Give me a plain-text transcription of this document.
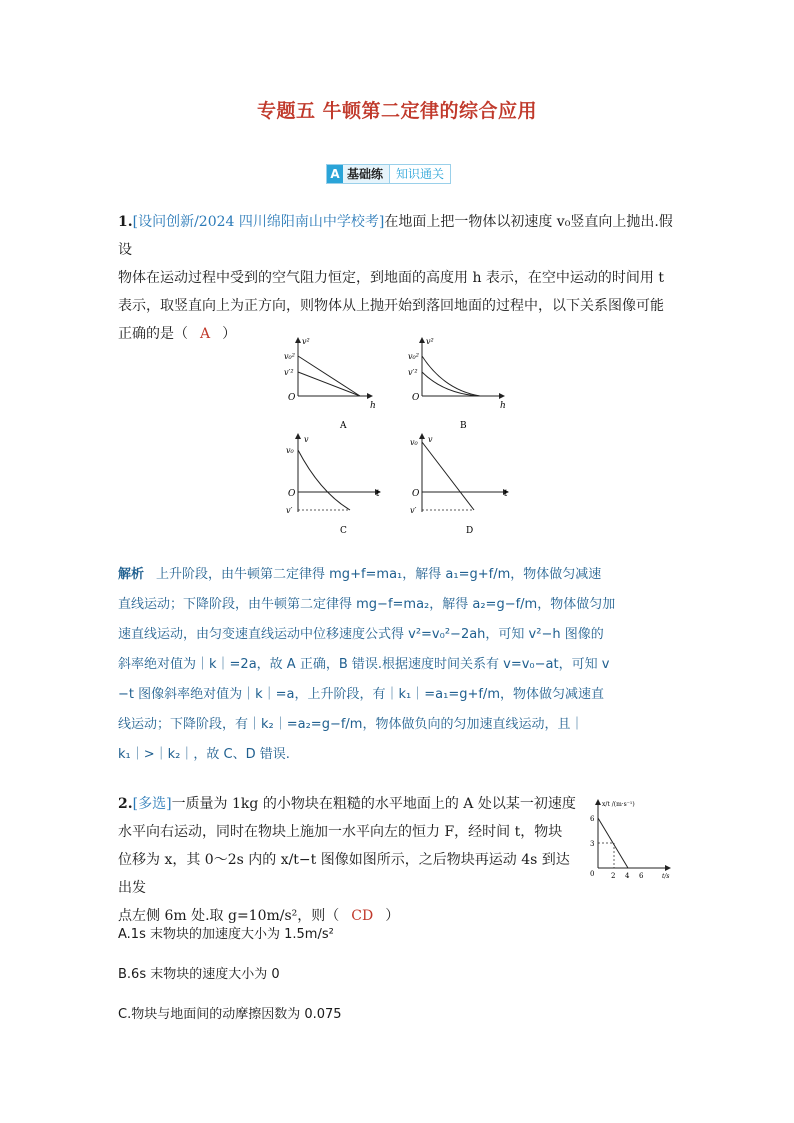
专题五 牛顿第二定律的综合应用
A 基础练	知识通关
1.[设问创新/2024 四川绵阳南山中学校考]在地面上把一物体以初速度 v₀竖直向上抛出.假设
物体在运动过程中受到的空气阻力恒定，到地面的高度用 h 表示，在空中运动的时间用 t
表示，取竖直向上为正方向，则物体从上抛开始到落回地面的过程中，以下关系图像可能
正确的是（ A ）	v²
h
v₀²
v′²
O
A
v²
h
v₀²
v′²
O
B
v
t
v₀
v′
O
C
v
t
v₀
v′
O
D
解析 上升阶段，由牛顿第二定律得 mg+f=ma₁，解得 a₁=g+f/m，物体做匀减速
直线运动；下降阶段，由牛顿第二定律得 mg−f=ma₂，解得 a₂=g−f/m，物体做匀加
速直线运动，由匀变速直线运动中位移速度公式得 v²=v₀²−2ah，可知 v²−h 图像的
斜率绝对值为｜k｜=2a，故 A 正确，B 错误.根据速度时间关系有 v=v₀−at，可知 v
−t 图像斜率绝对值为｜k｜=a，上升阶段，有｜k₁｜=a₁=g+f/m，物体做匀减速直
线运动；下降阶段，有｜k₂｜=a₂=g−f/m，物体做负向的匀加速直线运动，且｜
k₁｜>｜k₂｜，故 C、D 错误.
2.[多选]一质量为 1kg 的小物块在粗糙的水平地面上的 A 处以某一初速度
水平向右运动，同时在物块上施加一水平向左的恒力 F，经时间 t，物块
位移为 x，其 0～2s 内的 x/t−t 图像如图所示，之后物块再运动 4s 到达出发
点左侧 6m 处.取 g=10m/s²，则（ CD ）
x/t /(m·s⁻¹)
t/s
6
3
0 2 4 6
A.1s 末物块的加速度大小为 1.5m/s²
B.6s 末物块的速度大小为 0
C.物块与地面间的动摩擦因数为 0.075
